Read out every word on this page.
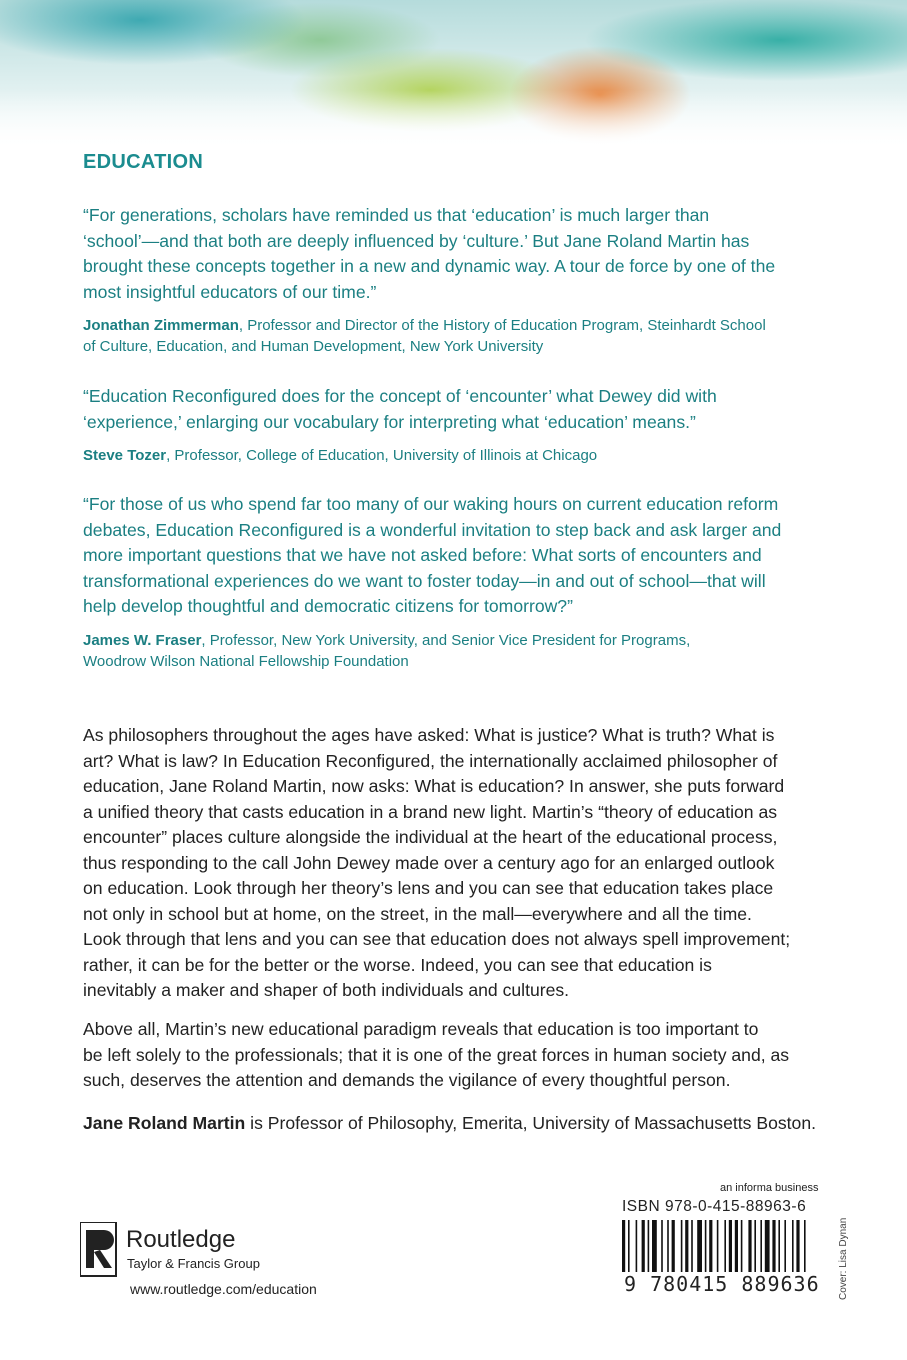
EDUCATION

“For generations, scholars have reminded us that ‘education’ is much larger than
‘school’—and that both are deeply influenced by ‘culture.’ But Jane Roland Martin has
brought these concepts together in a new and dynamic way. A tour de force by one of the
most insightful educators of our time.”

Jonathan Zimmerman, Professor and Director of the History of Education Program, Steinhardt School
of Culture, Education, and Human Development, New York University

“Education Reconfigured does for the concept of ‘encounter’ what Dewey did with
‘experience,’ enlarging our vocabulary for interpreting what ‘education’ means.”

Steve Tozer, Professor, College of Education, University of Illinois at Chicago

“For those of us who spend far too many of our waking hours on current education reform
debates, Education Reconfigured is a wonderful invitation to step back and ask larger and
more important questions that we have not asked before: What sorts of encounters and
transformational experiences do we want to foster today—in and out of school—that will
help develop thoughtful and democratic citizens for tomorrow?”

James W. Fraser, Professor, New York University, and Senior Vice President for Programs,
Woodrow Wilson National Fellowship Foundation

As philosophers throughout the ages have asked: What is justice? What is truth? What is
art? What is law? In Education Reconfigured, the internationally acclaimed philosopher of
education, Jane Roland Martin, now asks: What is education? In answer, she puts forward
a unified theory that casts education in a brand new light. Martin’s “theory of education as
encounter” places culture alongside the individual at the heart of the educational process,
thus responding to the call John Dewey made over a century ago for an enlarged outlook
on education. Look through her theory’s lens and you can see that education takes place
not only in school but at home, on the street, in the mall—everywhere and all the time.
Look through that lens and you can see that education does not always spell improvement;
rather, it can be for the better or the worse. Indeed, you can see that education is
inevitably a maker and shaper of both individuals and cultures.

Above all, Martin’s new educational paradigm reveals that education is too important to
be left solely to the professionals; that it is one of the great forces in human society and, as
such, deserves the attention and demands the vigilance of every thoughtful person.

Jane Roland Martin is Professor of Philosophy, Emerita, University of Massachusetts Boston.

ROUTLEDGE
Routledge
Taylor & Francis Group
www.routledge.com/education
an informa business
ISBN 978-0-415-88963-6
9 780415 889636 Cover: Lisa Dynan
